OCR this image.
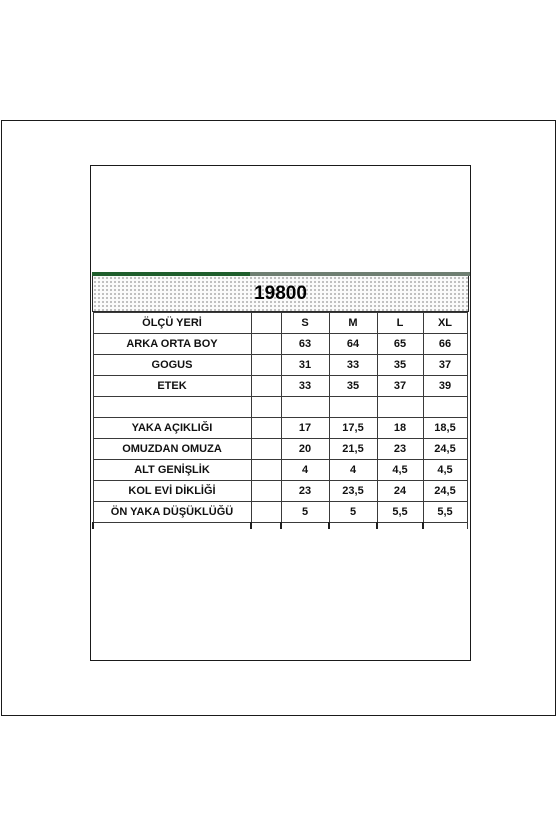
19800
ÖLÇÜ YERİ		S	M	L	XL
ARKA ORTA BOY		63	64	65	66
GOGUS		31	33	35	37
ETEK		33	35	37	39

YAKA AÇIKLIĞI		17	17,5	18	18,5
OMUZDAN OMUZA		20	21,5	23	24,5
ALT GENİŞLİK		4	4	4,5	4,5
KOL EVİ DİKLİĞİ		23	23,5	24	24,5
ÖN YAKA DÜŞÜKLÜĞÜ		5	5	5,5	5,5
